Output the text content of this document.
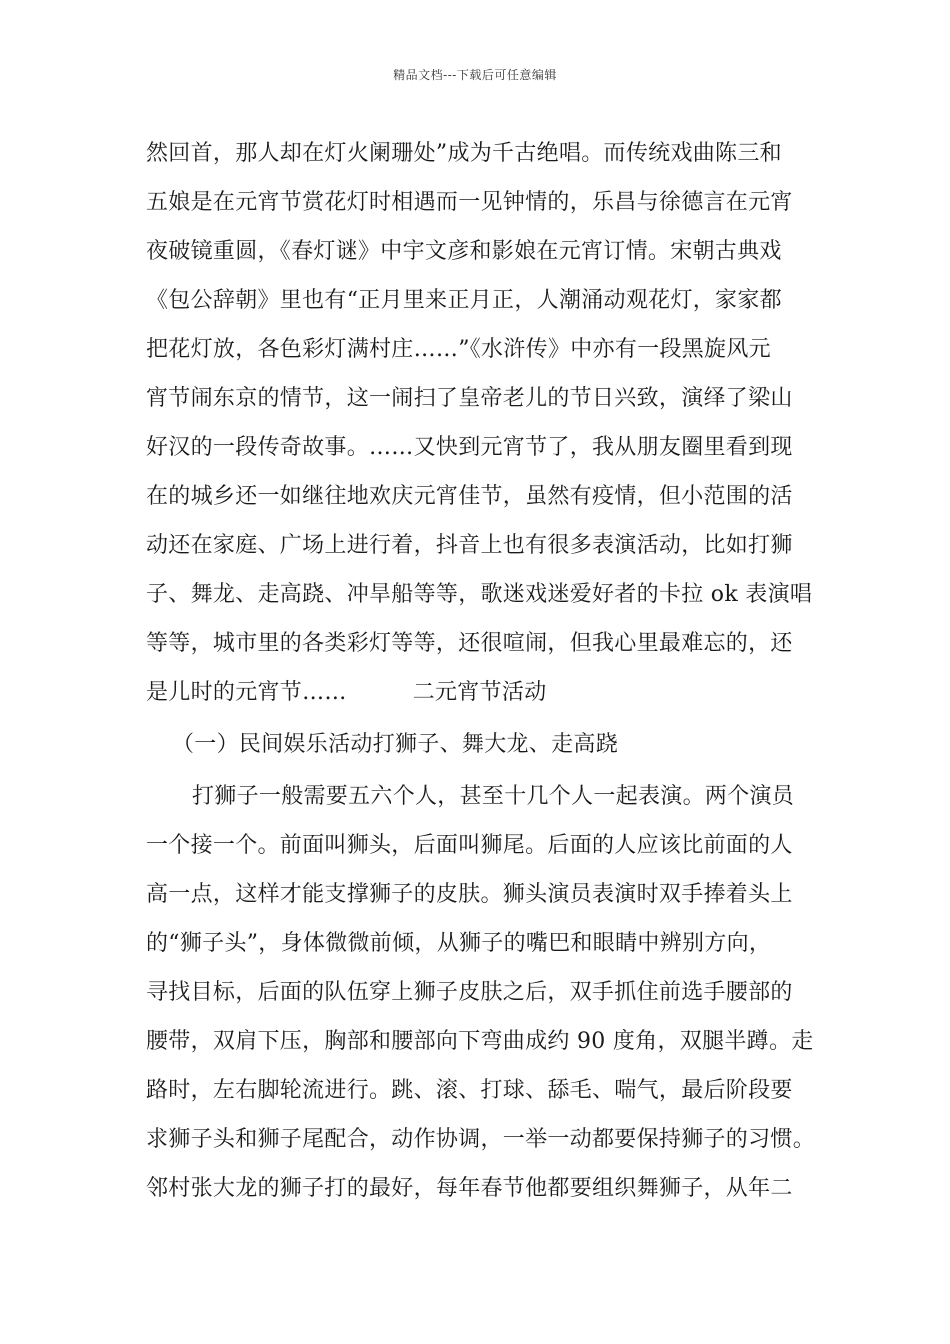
精品文档---下载后可任意编辑
然回首，那人却在灯火阑珊处”成为千古绝唱。而传统戏曲陈三和
五娘是在元宵节赏花灯时相遇而一见钟情的，乐昌与徐德言在元宵
夜破镜重圆，《春灯谜》中宇文彦和影娘在元宵订情。宋朝古典戏
《包公辞朝》里也有“正月里来正月正，人潮涌动观花灯，家家都
把花灯放，各色彩灯满村庄……”《水浒传》中亦有一段黑旋风元
宵节闹东京的情节，这一闹扫了皇帝老儿的节日兴致，演绎了梁山
好汉的一段传奇故事。……又快到元宵节了，我从朋友圈里看到现
在的城乡还一如继往地欢庆元宵佳节，虽然有疫情，但小范围的活
动还在家庭、广场上进行着，抖音上也有很多表演活动，比如打狮
子、舞龙、走高跷、冲旱船等等，歌迷戏迷爱好者的卡拉 ok 表演唱
等等，城市里的各类彩灯等等，还很喧闹，但我心里最难忘的，还
是儿时的元宵节……	二元宵节活动
（一）民间娱乐活动打狮子、舞大龙、走高跷
打狮子一般需要五六个人，甚至十几个人一起表演。两个演员
一个接一个。前面叫狮头，后面叫狮尾。后面的人应该比前面的人
高一点，这样才能支撑狮子的皮肤。狮头演员表演时双手捧着头上
的“狮子头”，身体微微前倾，从狮子的嘴巴和眼睛中辨别方向，
寻找目标，后面的队伍穿上狮子皮肤之后，双手抓住前选手腰部的
腰带，双肩下压，胸部和腰部向下弯曲成约 90 度角，双腿半蹲。走
路时，左右脚轮流进行。跳、滚、打球、舔毛、喘气，最后阶段要
求狮子头和狮子尾配合，动作协调，一举一动都要保持狮子的习惯。
邻村张大龙的狮子打的最好，每年春节他都要组织舞狮子，从年二
